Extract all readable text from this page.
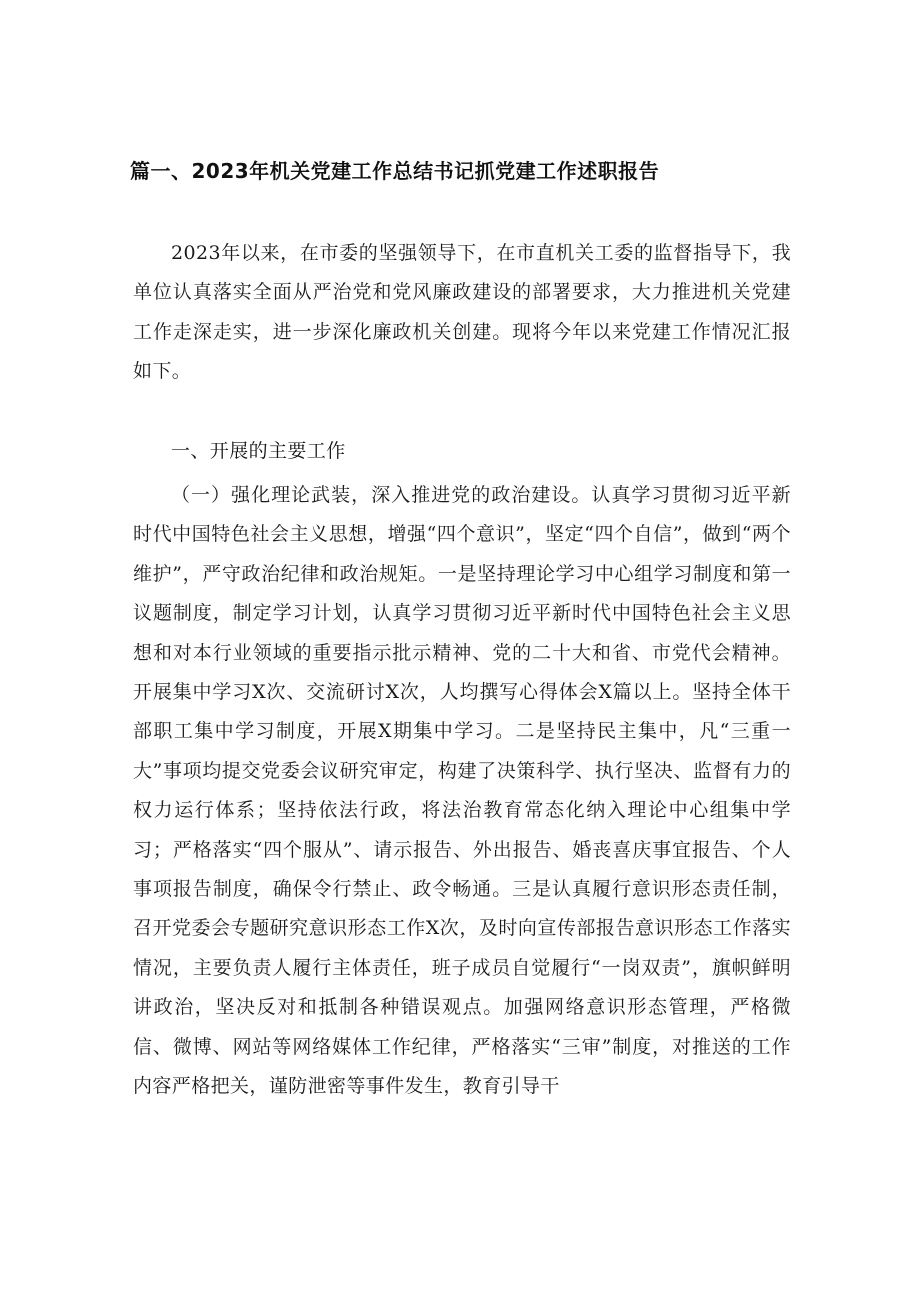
篇一、2023年机关党建工作总结书记抓党建工作述职报告

2023年以来，在市委的坚强领导下，在市直机关工委的监督指导下，我单位认真落实全面从严治党和党风廉政建设的部署要求，大力推进机关党建工作走深走实，进一步深化廉政机关创建。现将今年以来党建工作情况汇报如下。

一、开展的主要工作

（一）强化理论武装，深入推进党的政治建设。认真学习贯彻习近平新时代中国特色社会主义思想，增强“四个意识”，坚定“四个自信”，做到“两个维护”，严守政治纪律和政治规矩。一是坚持理论学习中心组学习制度和第一议题制度，制定学习计划，认真学习贯彻习近平新时代中国特色社会主义思想和对本行业领域的重要指示批示精神、党的二十大和省、市党代会精神。开展集中学习X次、交流研讨X次，人均撰写心得体会X篇以上。坚持全体干部职工集中学习制度，开展X期集中学习。二是坚持民主集中，凡“三重一大”事项均提交党委会议研究审定，构建了决策科学、执行坚决、监督有力的权力运行体系；坚持依法行政，将法治教育常态化纳入理论中心组集中学习；严格落实“四个服从”、请示报告、外出报告、婚丧喜庆事宜报告、个人事项报告制度，确保令行禁止、政令畅通。三是认真履行意识形态责任制，召开党委会专题研究意识形态工作X次，及时向宣传部报告意识形态工作落实情况，主要负责人履行主体责任，班子成员自觉履行“一岗双责”，旗帜鲜明讲政治，坚决反对和抵制各种错误观点。加强网络意识形态管理，严格微信、微博、网站等网络媒体工作纪律，严格落实“三审”制度，对推送的工作内容严格把关，谨防泄密等事件发生，教育引导干
